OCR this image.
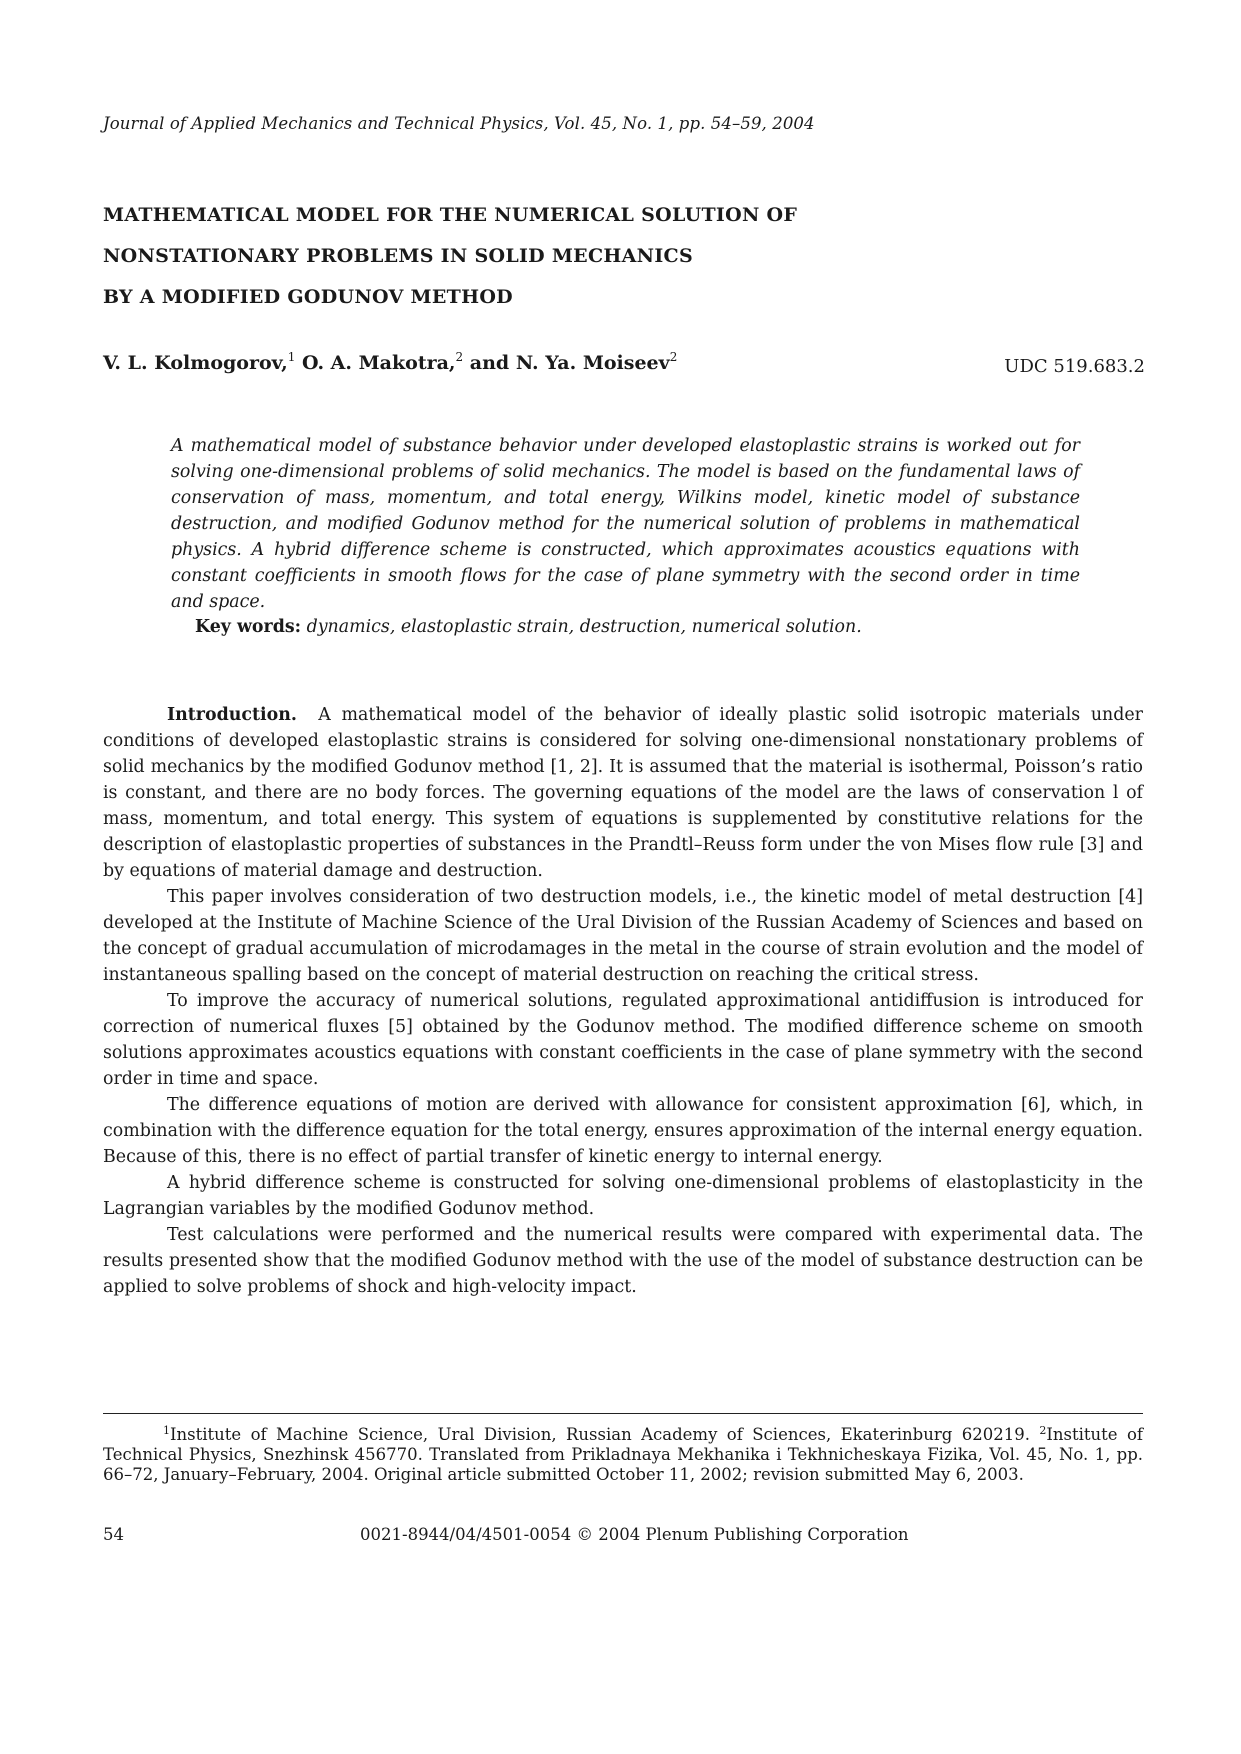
Journal of Applied Mechanics and Technical Physics, Vol. 45, No. 1, pp. 54–59, 2004
MATHEMATICAL MODEL FOR THE NUMERICAL SOLUTION OF
NONSTATIONARY PROBLEMS IN SOLID MECHANICS
BY A MODIFIED GODUNOV METHOD
V. L. Kolmogorov,$^1$ O. A. Makotra,$^2$ and N. Ya. Moiseev$^2$	UDC 519.683.2
A mathematical model of substance behavior under developed elastoplastic strains is worked out for solving one-dimensional problems of solid mechanics. The model is based on the fundamental laws of conservation of mass, momentum, and total energy, Wilkins model, kinetic model of substance destruction, and modified Godunov method for the numerical solution of problems in mathematical physics. A hybrid difference scheme is constructed, which approximates acoustics equations with constant coefficients in smooth flows for the case of plane symmetry with the second order in time and space.
Key words: dynamics, elastoplastic strain, destruction, numerical solution.

Introduction. A mathematical model of the behavior of ideally plastic solid isotropic materials under conditions of developed elastoplastic strains is considered for solving one-dimensional nonstationary problems of solid mechanics by the modified Godunov method [1, 2]. It is assumed that the material is isothermal, Poisson’s ratio is constant, and there are no body forces. The governing equations of the model are the laws of conservation l of mass, momentum, and total energy. This system of equations is supplemented by constitutive relations for the description of elastoplastic properties of substances in the Prandtl–Reuss form under the von Mises flow rule [3] and by equations of material damage and destruction.

This paper involves consideration of two destruction models, i.e., the kinetic model of metal destruction [4] developed at the Institute of Machine Science of the Ural Division of the Russian Academy of Sciences and based on the concept of gradual accumulation of microdamages in the metal in the course of strain evolution and the model of instantaneous spalling based on the concept of material destruction on reaching the critical stress.

To improve the accuracy of numerical solutions, regulated approximational antidiffusion is introduced for correction of numerical fluxes [5] obtained by the Godunov method. The modified difference scheme on smooth solutions approximates acoustics equations with constant coefficients in the case of plane symmetry with the second order in time and space.

The difference equations of motion are derived with allowance for consistent approximation [6], which, in combination with the difference equation for the total energy, ensures approximation of the internal energy equation. Because of this, there is no effect of partial transfer of kinetic energy to internal energy.

A hybrid difference scheme is constructed for solving one-dimensional problems of elastoplasticity in the Lagrangian variables by the modified Godunov method.

Test calculations were performed and the numerical results were compared with experimental data. The results presented show that the modified Godunov method with the use of the model of substance destruction can be applied to solve problems of shock and high-velocity impact.

$^1$Institute of Machine Science, Ural Division, Russian Academy of Sciences, Ekaterinburg 620219. $^2$Institute of Technical Physics, Snezhinsk 456770. Translated from Prikladnaya Mekhanika i Tekhnicheskaya Fizika, Vol. 45, No. 1, pp. 66–72, January–February, 2004. Original article submitted October 11, 2002; revision submitted May 6, 2003.
54	0021-8944/04/4501-0054 © 2004 Plenum Publishing Corporation
